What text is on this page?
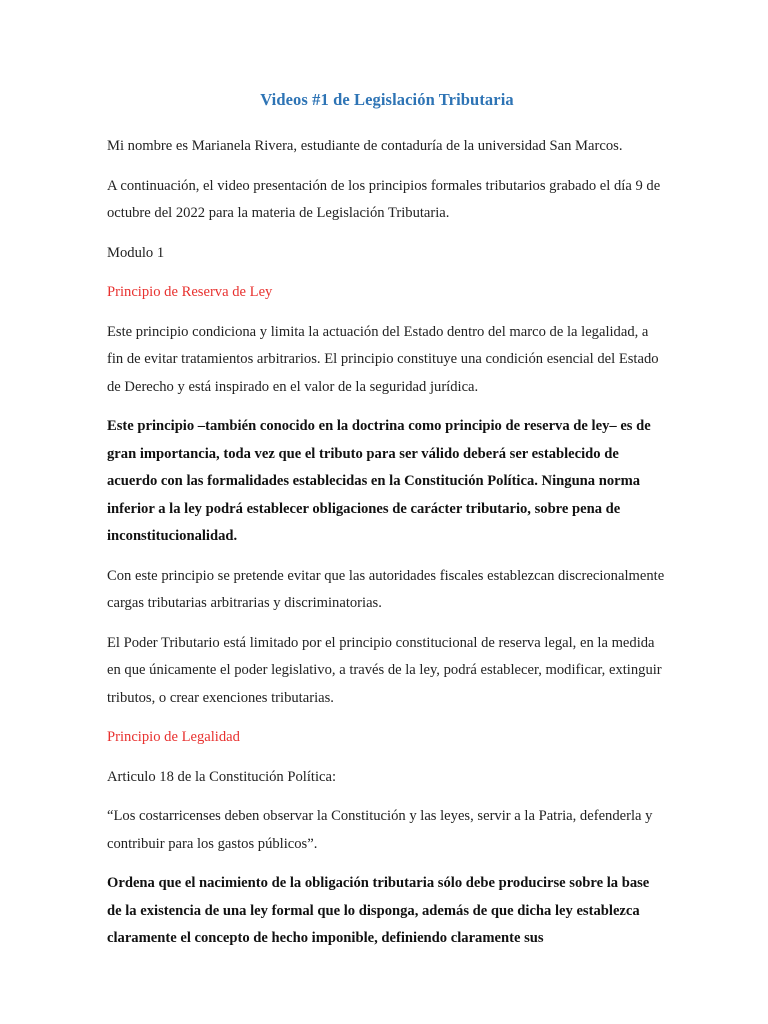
Videos #1 de Legislación Tributaria

Mi nombre es Marianela Rivera, estudiante de contaduría de la universidad San Marcos.

A continuación, el video presentación de los principios formales tributarios grabado el día 9 de octubre del 2022 para la materia de Legislación Tributaria.

Modulo 1

Principio de Reserva de Ley

Este principio condiciona y limita la actuación del Estado dentro del marco de la legalidad, a fin de evitar tratamientos arbitrarios. El principio constituye una condición esencial del Estado de Derecho y está inspirado en el valor de la seguridad jurídica.

Este principio –también conocido en la doctrina como principio de reserva de ley– es de gran importancia, toda vez que el tributo para ser válido deberá ser establecido de acuerdo con las formalidades establecidas en la Constitución Política. Ninguna norma inferior a la ley podrá establecer obligaciones de carácter tributario, sobre pena de inconstitucionalidad.

Con este principio se pretende evitar que las autoridades fiscales establezcan discrecionalmente cargas tributarias arbitrarias y discriminatorias.

El Poder Tributario está limitado por el principio constitucional de reserva legal, en la medida en que únicamente el poder legislativo, a través de la ley, podrá establecer, modificar, extinguir tributos, o crear exenciones tributarias.

Principio de Legalidad

Articulo 18 de la Constitución Política:

“Los costarricenses deben observar la Constitución y las leyes, servir a la Patria, defenderla y contribuir para los gastos públicos”.

Ordena que el nacimiento de la obligación tributaria sólo debe producirse sobre la base de la existencia de una ley formal que lo disponga, además de que dicha ley establezca claramente el concepto de hecho imponible, definiendo claramente sus
